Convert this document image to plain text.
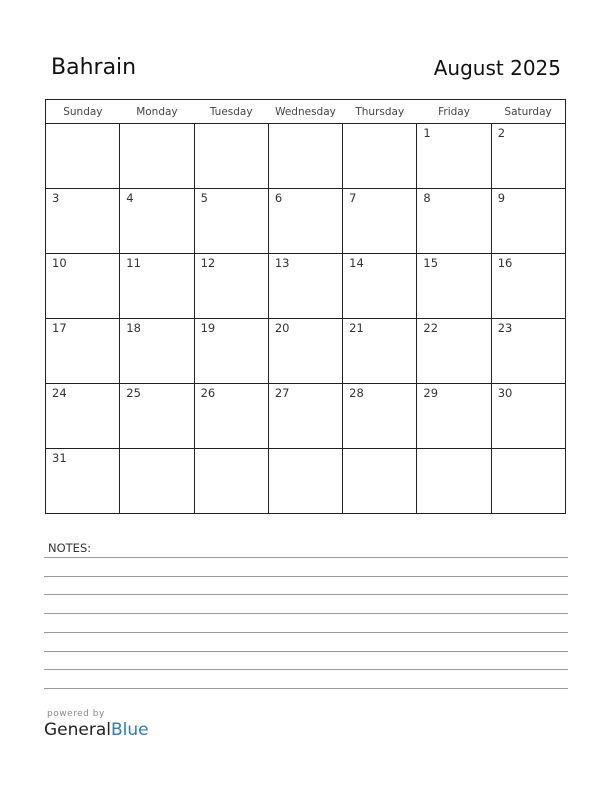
Bahrain	August 2025
Sunday	Monday	Tuesday	Wednesday	Thursday	Friday	Saturday

					1	2

3	4	5	6	7	8	9

10	11	12	13	14	15	16

17	18	19	20	21	22	23

24	25	26	27	28	29	30

31						

NOTES:
powered by
GeneralBlue
